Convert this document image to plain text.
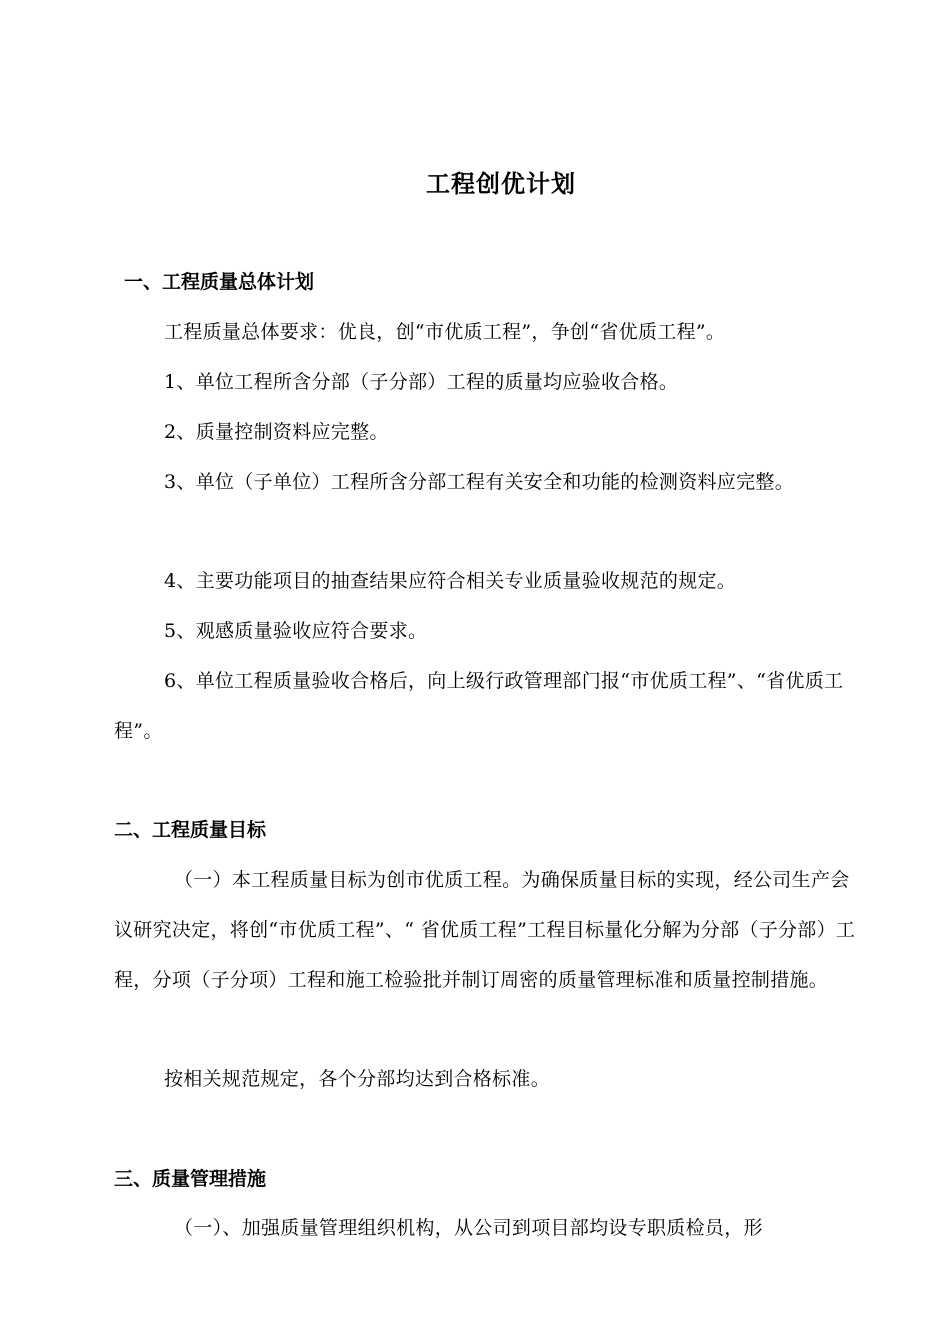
工程创优计划
一、工程质量总体计划

工程质量总体要求：优良，创“市优质工程”，争创“省优质工程”。

1、单位工程所含分部（子分部）工程的质量均应验收合格。

2、质量控制资料应完整。

3、单位（子单位）工程所含分部工程有关安全和功能的检测资料应完整。

4、主要功能项目的抽查结果应符合相关专业质量验收规范的规定。

5、观感质量验收应符合要求。

6、单位工程质量验收合格后，向上级行政管理部门报“市优质工程”、“省优质工程”。

二、工程质量目标

（一）本工程质量目标为创市优质工程。为确保质量目标的实现，经公司生产会议研究决定，将创“市优质工程”、“ 省优质工程”工程目标量化分解为分部（子分部）工程，分项（子分项）工程和施工检验批并制订周密的质量管理标准和质量控制措施。

按相关规范规定，各个分部均达到合格标准。

三、质量管理措施

（一）、加强质量管理组织机构，从公司到项目部均设专职质检员，形
